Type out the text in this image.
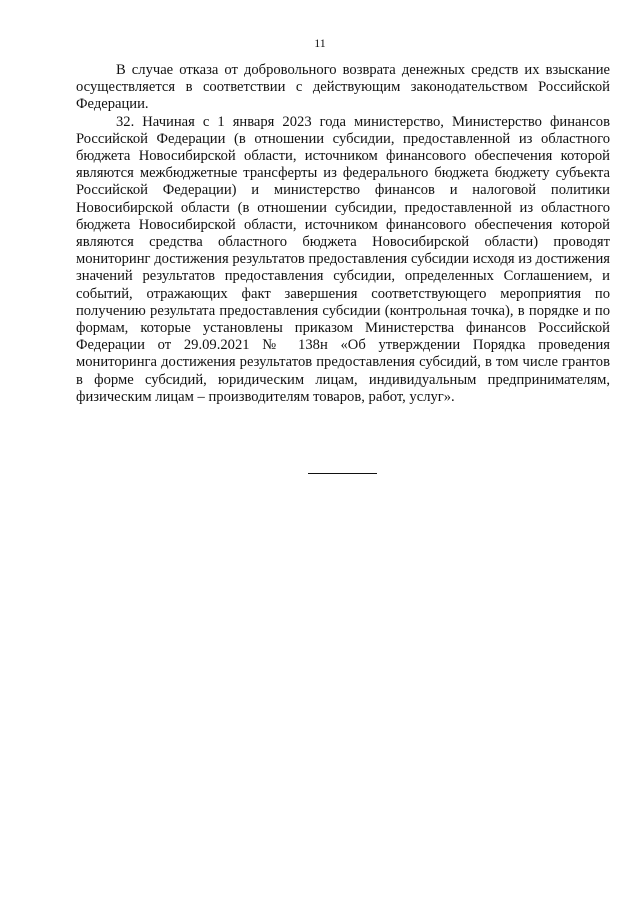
11

В случае отказа от добровольного возврата денежных средств их взыскание осуществляется в соответствии с действующим законодательством Российской Федерации.

32. Начиная с 1 января 2023 года министерство, Министерство финансов Российской Федерации (в отношении субсидии, предоставленной из областного бюджета Новосибирской области, источником финансового обеспечения которой являются межбюджетные трансферты из федерального бюджета бюджету субъекта Российской Федерации) и министерство финансов и налоговой политики Новосибирской области (в отношении субсидии, предоставленной из областного бюджета Новосибирской области, источником финансового обеспечения которой являются средства областного бюджета Новосибирской области) проводят мониторинг достижения результатов предоставления субсидии исходя из достижения значений результатов предоставления субсидии, определенных Соглашением, и событий, отражающих факт завершения соответствующего мероприятия по получению результата предоставления субсидии (контрольная точка), в порядке и по формам, которые установлены приказом Министерства финансов Российской Федерации от 29.09.2021 № 138н «Об утверждении Порядка проведения мониторинга достижения результатов предоставления субсидий, в том числе грантов в форме субсидий, юридическим лицам, индивидуальным предпринимателям, физическим лицам – производителям товаров, работ, услуг».
